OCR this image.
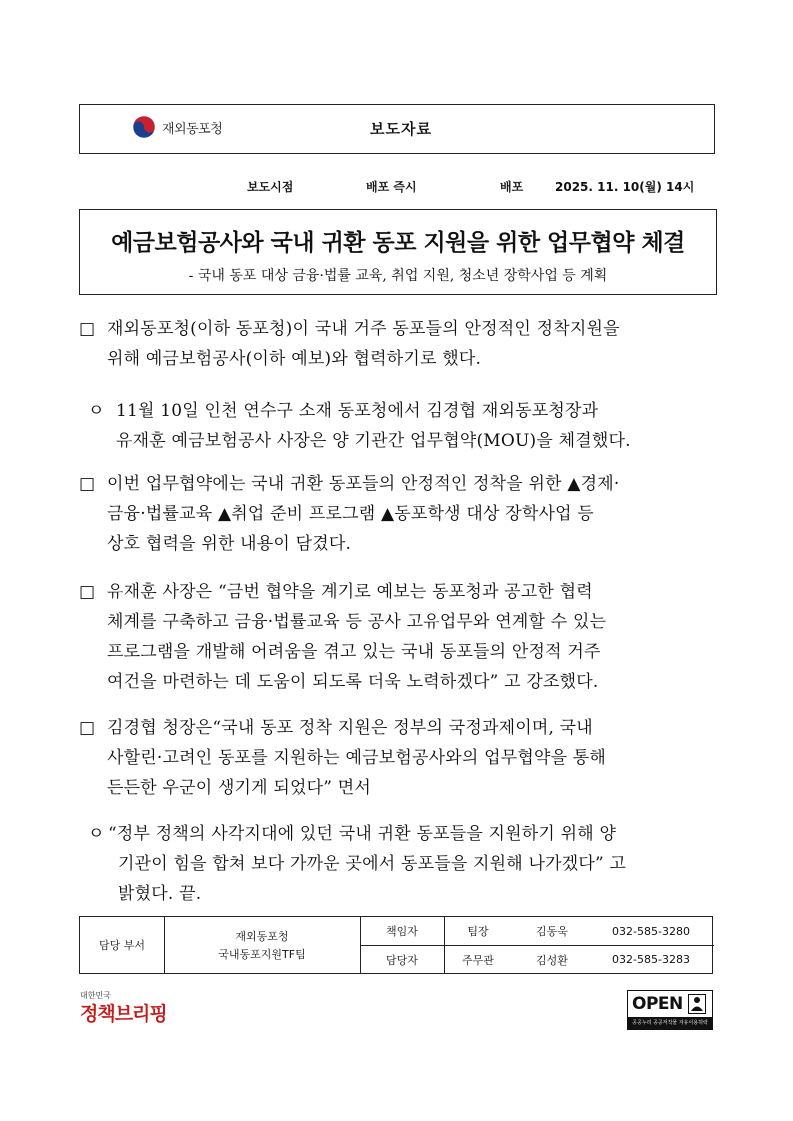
재외동포청	보도자료
보도시점	배포 즉시	배포	2025. 11. 10(월) 14시
예금보험공사와 국내 귀환 동포 지원을 위한 업무협약 체결
- 국내 동포 대상 금융·법률 교육, 취업 지원, 청소년 장학사업 등 계획
□ 재외동포청(이하 동포청)이 국내 거주 동포들의 안정적인 정착지원을
위해 예금보험공사(이하 예보)와 협력하기로 했다.
ㅇ 11월 10일 인천 연수구 소재 동포청에서 김경협 재외동포청장과
유재훈 예금보험공사 사장은 양 기관간 업무협약(MOU)을 체결했다.
□ 이번 업무협약에는 국내 귀환 동포들의 안정적인 정착을 위한 ▲경제·
금융·법률교육 ▲취업 준비 프로그램 ▲동포학생 대상 장학사업 등
상호 협력을 위한 내용이 담겼다.
□ 유재훈 사장은 “금번 협약을 계기로 예보는 동포청과 공고한 협력
체계를 구축하고 금융·법률교육 등 공사 고유업무와 연계할 수 있는
프로그램을 개발해 어려움을 겪고 있는 국내 동포들의 안정적 거주
여건을 마련하는 데 도움이 되도록 더욱 노력하겠다” 고 강조했다.
□ 김경협 청장은“국내 동포 정착 지원은 정부의 국정과제이며, 국내
사할린·고려인 동포를 지원하는 예금보험공사와의 업무협약을 통해
든든한 우군이 생기게 되었다” 면서
ㅇ “정부 정책의 사각지대에 있던 국내 귀환 동포들을 지원하기 위해 양
기관이 힘을 합쳐 보다 가까운 곳에서 동포들을 지원해 나가겠다” 고
밝혔다. 끝.
담당 부서
재외동포청
국내동포지원TF팀
책임자	팀장	김동욱	032-585-3280
담당자	주무관	김성환	032-585-3283
대한민국
정책브리핑	OPEN
공공누리 공공저작물 자유이용허락
